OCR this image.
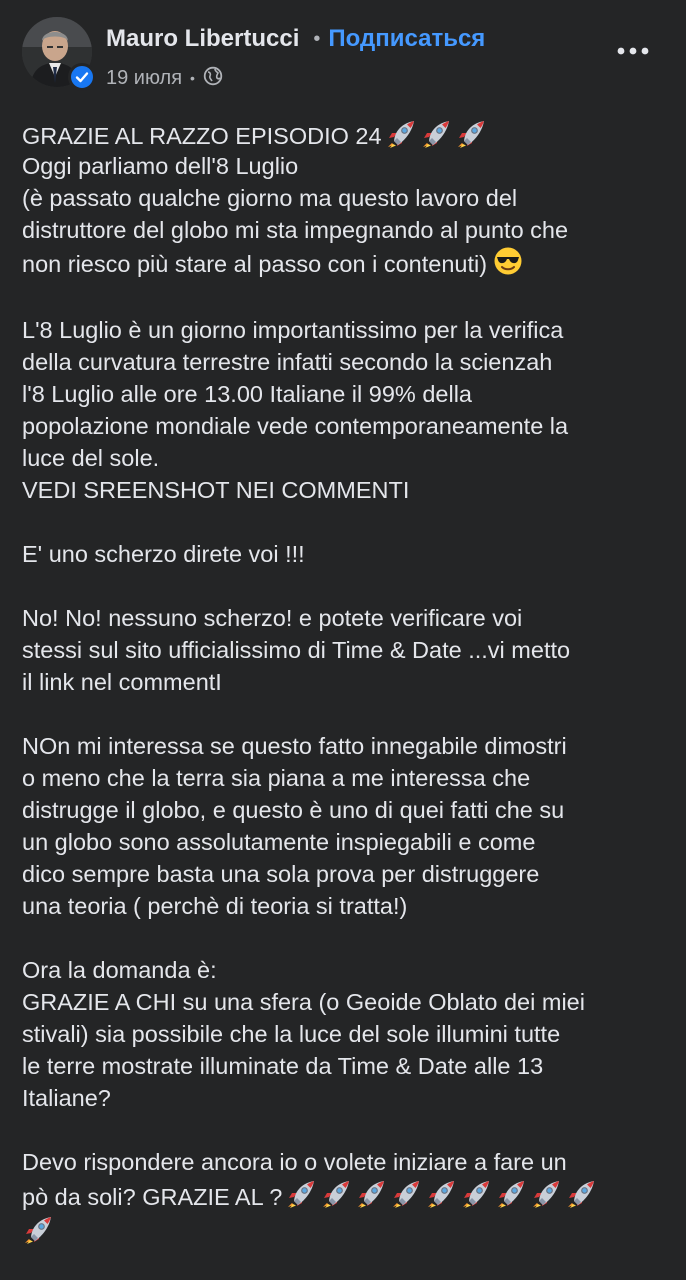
Mauro Libertucci • Подписаться
19 июля •
GRAZIE AL RAZZO EPISODIO 24
Oggi parliamo dell'8 Luglio
(è passato qualche giorno ma questo lavoro del
distruttore del globo mi sta impegnando al punto che
non riesco più stare al passo con i contenuti)
L'8 Luglio è un giorno importantissimo per la verifica
della curvatura terrestre infatti secondo la scienzah
l'8 Luglio alle ore 13.00 Italiane il 99% della
popolazione mondiale vede contemporaneamente la
luce del sole.
VEDI SREENSHOT NEI COMMENTI
E' uno scherzo direte voi !!!
No! No! nessuno scherzo! e potete verificare voi
stessi sul sito ufficialissimo di Time & Date ...vi metto
il link nel commentI
NOn mi interessa se questo fatto innegabile dimostri
o meno che la terra sia piana a me interessa che
distrugge il globo, e questo è uno di quei fatti che su
un globo sono assolutamente inspiegabili e come
dico sempre basta una sola prova per distruggere
una teoria ( perchè di teoria si tratta!)
Ora la domanda è:
GRAZIE A CHI su una sfera (o Geoide Oblato dei miei
stivali) sia possibile che la luce del sole illumini tutte
le terre mostrate illuminate da Time & Date alle 13
Italiane?
Devo rispondere ancora io o volete iniziare a fare un
pò da soli? GRAZIE AL ?
